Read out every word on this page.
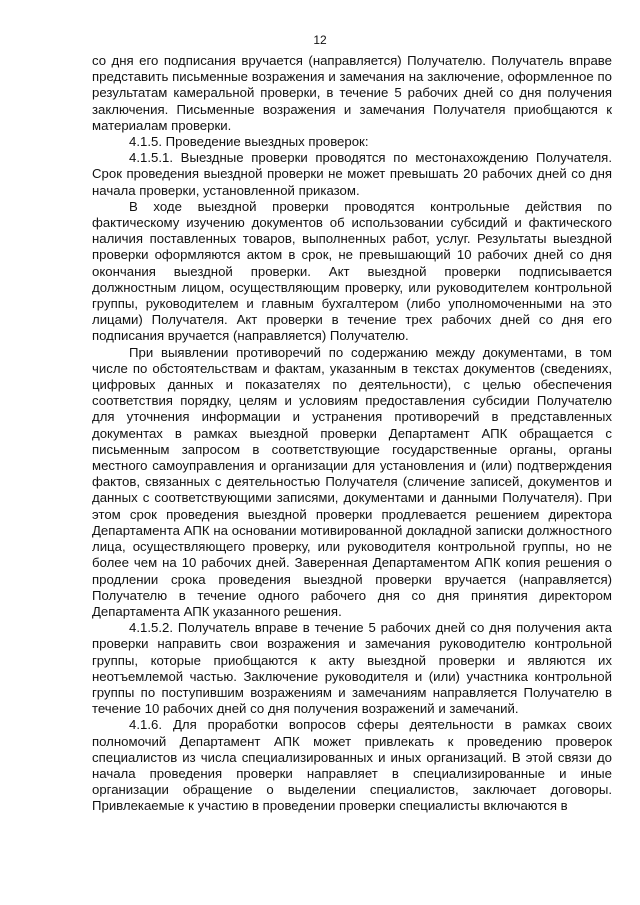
12

со дня его подписания вручается (направляется) Получателю. Получатель вправе представить письменные возражения и замечания на заключение, оформленное по результатам камеральной проверки, в течение 5 рабочих дней со дня получения заключения. Письменные возражения и замечания Получателя приобщаются к материалам проверки.

4.1.5. Проведение выездных проверок:

4.1.5.1. Выездные проверки проводятся по местонахождению Получателя. Срок проведения выездной проверки не может превышать 20 рабочих дней со дня начала проверки, установленной приказом.

В ходе выездной проверки проводятся контрольные действия по фактическому изучению документов об использовании субсидий и фактического наличия поставленных товаров, выполненных работ, услуг. Результаты выездной проверки оформляются актом в срок, не превышающий 10 рабочих дней со дня окончания выездной проверки. Акт выездной проверки подписывается должностным лицом, осуществляющим проверку, или руководителем контрольной группы, руководителем и главным бухгалтером (либо уполномоченными на это лицами) Получателя. Акт проверки в течение трех рабочих дней со дня его подписания вручается (направляется) Получателю.

При выявлении противоречий по содержанию между документами, в том числе по обстоятельствам и фактам, указанным в текстах документов (сведениях, цифровых данных и показателях по деятельности), с целью обеспечения соответствия порядку, целям и условиям предоставления субсидии Получателю для уточнения информации и устранения противоречий в представленных документах в рамках выездной проверки Департамент АПК обращается с письменным запросом в соответствующие государственные органы, органы местного самоуправления и организации для установления и (или) подтверждения фактов, связанных с деятельностью Получателя (сличение записей, документов и данных с соответствующими записями, документами и данными Получателя). При этом срок проведения выездной проверки продлевается решением директора Департамента АПК на основании мотивированной докладной записки должностного лица, осуществляющего проверку, или руководителя контрольной группы, но не более чем на 10 рабочих дней. Заверенная Департаментом АПК копия решения о продлении срока проведения выездной проверки вручается (направляется) Получателю в течение одного рабочего дня со дня принятия директором Департамента АПК указанного решения.

4.1.5.2. Получатель вправе в течение 5 рабочих дней со дня получения акта проверки направить свои возражения и замечания руководителю контрольной группы, которые приобщаются к акту выездной проверки и являются их неотъемлемой частью. Заключение руководителя и (или) участника контрольной группы по поступившим возражениям и замечаниям направляется Получателю в течение 10 рабочих дней со дня получения возражений и замечаний.

4.1.6. Для проработки вопросов сферы деятельности в рамках своих полномочий Департамент АПК может привлекать к проведению проверок специалистов из числа специализированных и иных организаций. В этой связи до начала проведения проверки направляет в специализированные и иные организации обращение о выделении специалистов, заключает договоры. Привлекаемые к участию в проведении проверки специалисты включаются в
